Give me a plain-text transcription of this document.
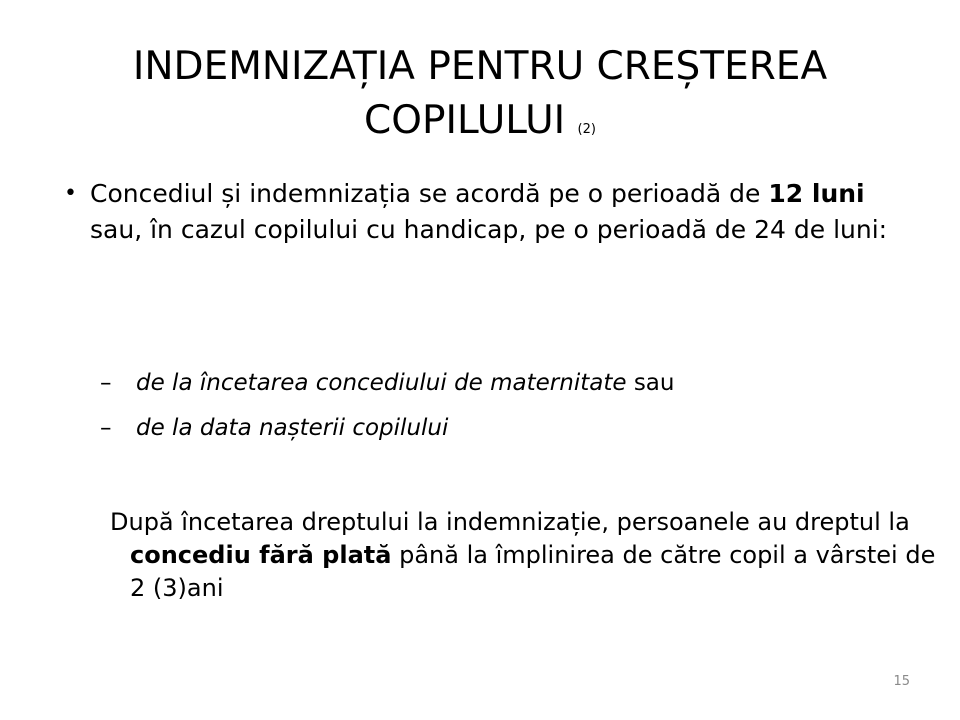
INDEMNIZAȚIA PENTRU CREȘTEREA COPILULUI (2)
• Concediul și indemnizația se acordă pe o perioadă de 12 luni sau, în cazul copilului cu handicap, pe o perioadă de 24 de luni:
– de la încetarea concediului de maternitate sau
– de la data nașterii copilului
După încetarea dreptului la indemnizație, persoanele au dreptul la concediu fără plată până la împlinirea de către copil a vârstei de 2 (3)ani
15
